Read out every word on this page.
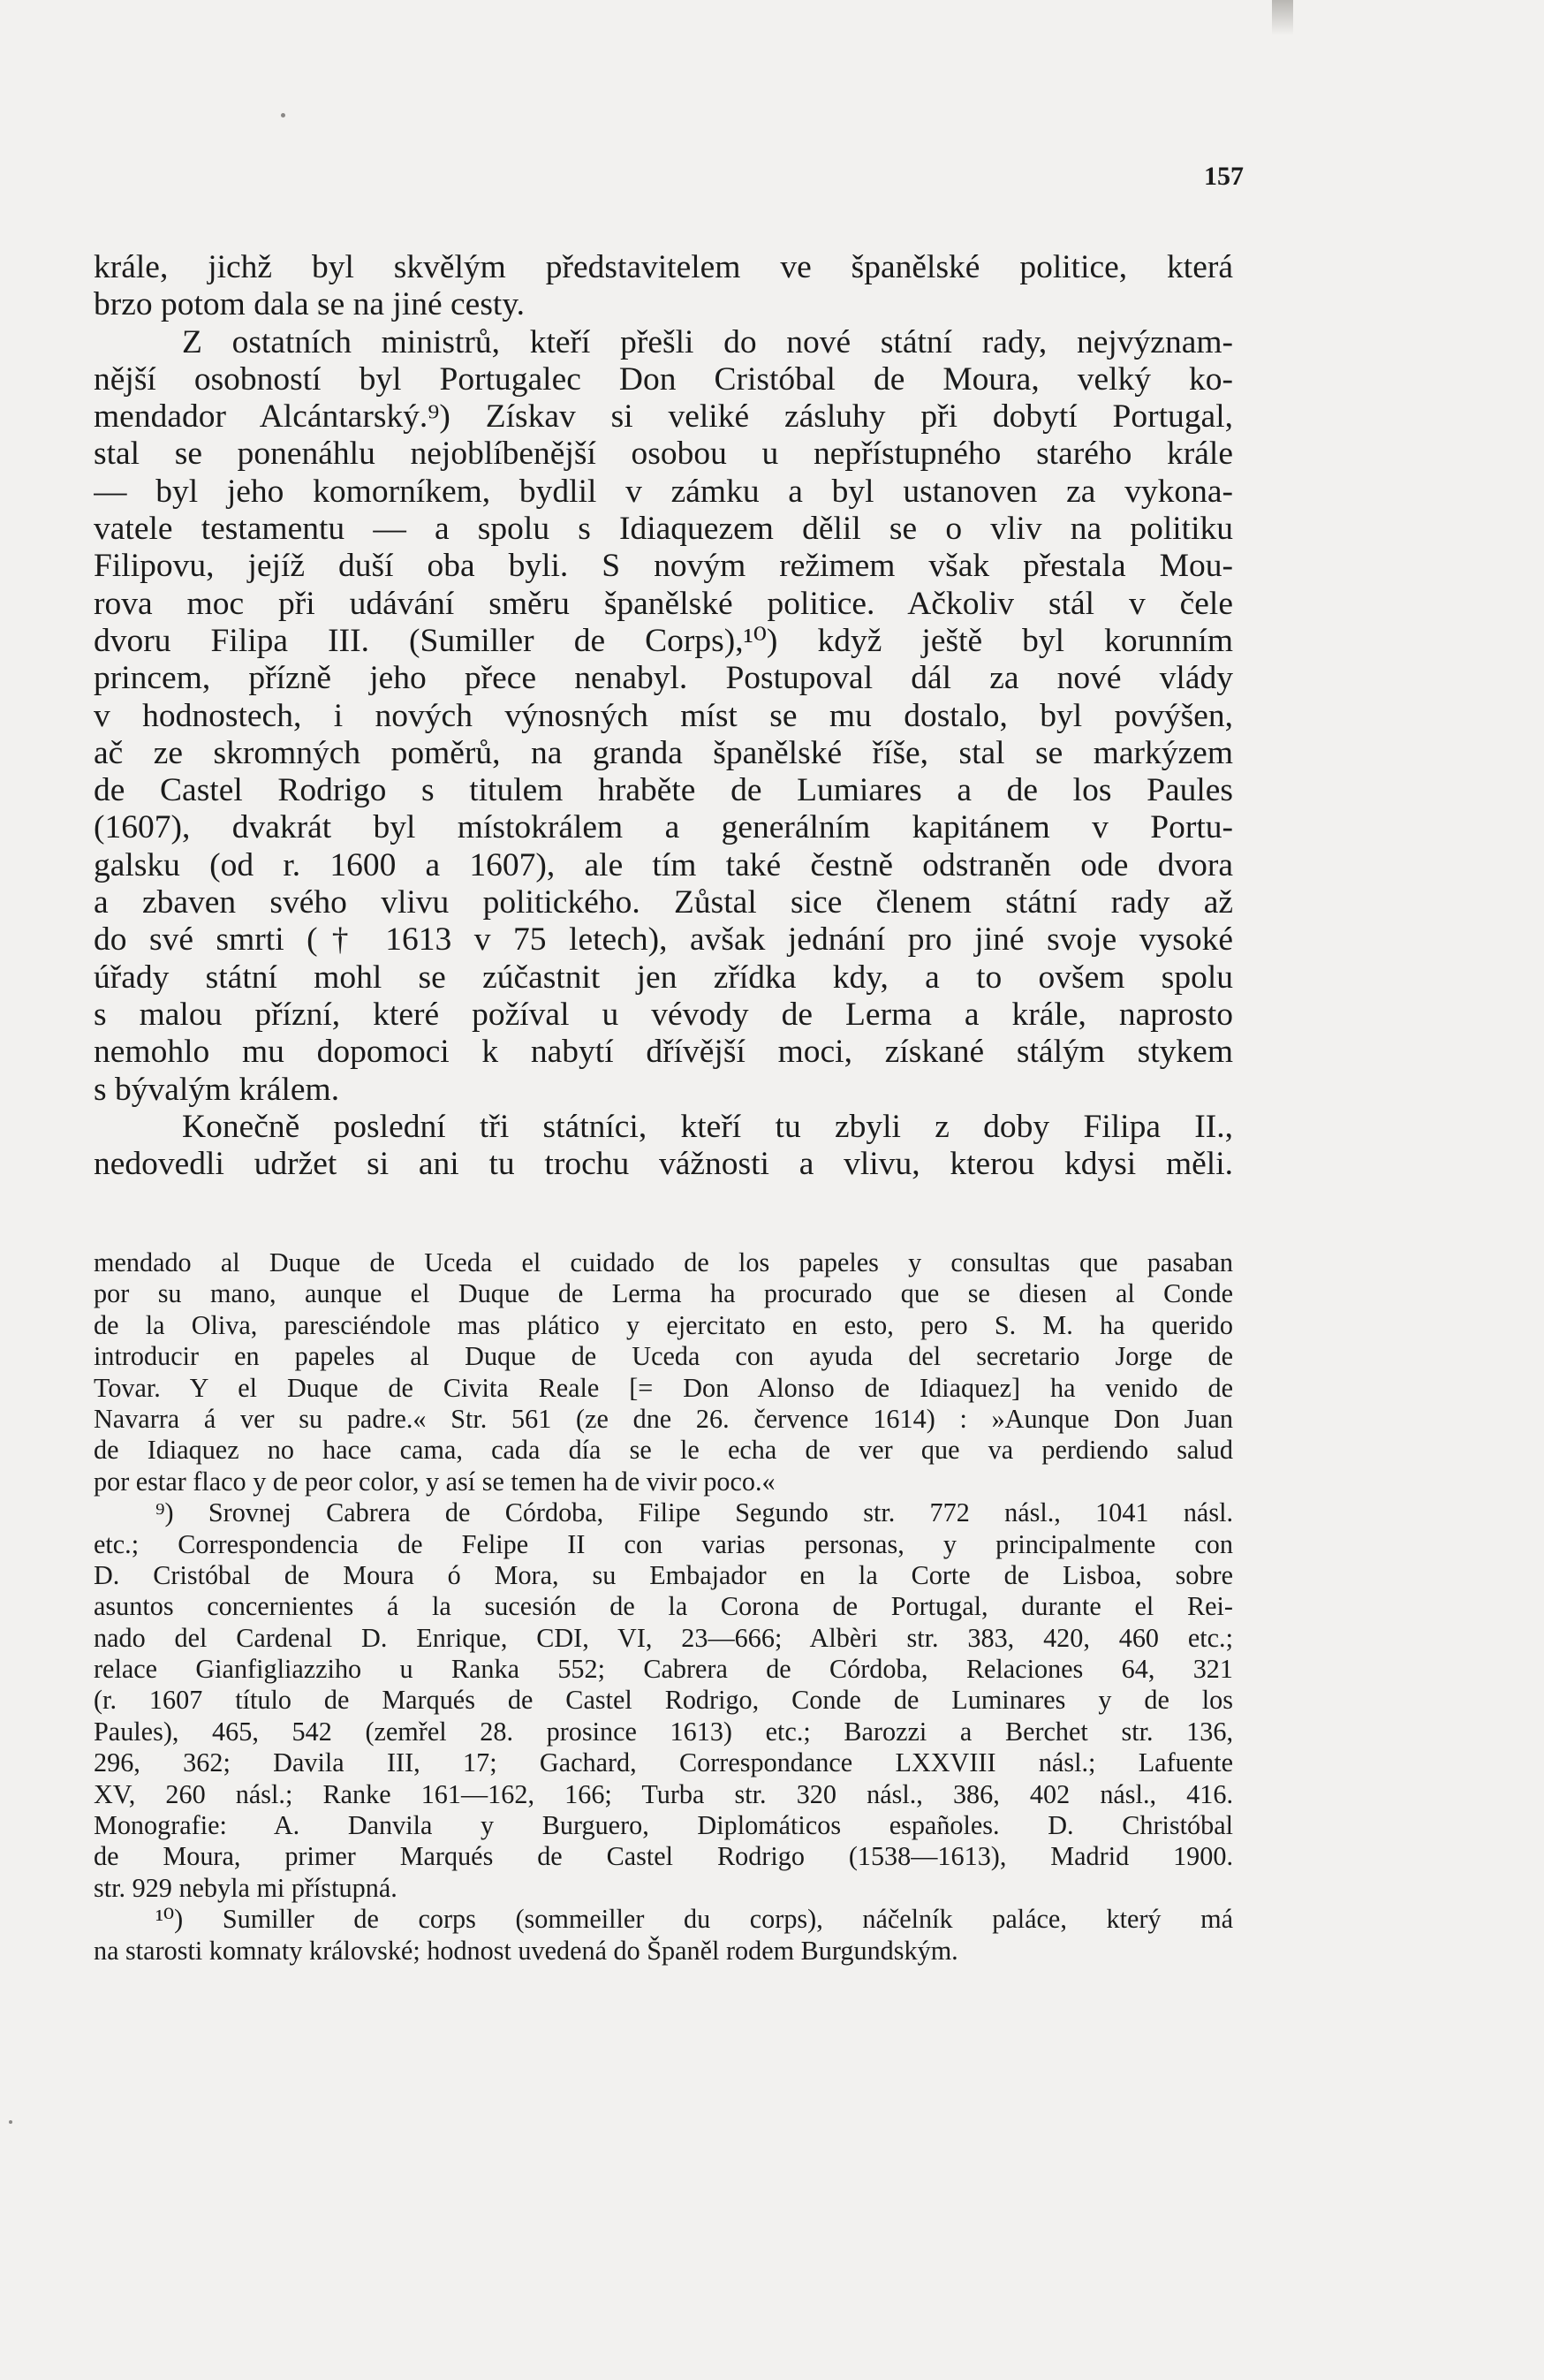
157
krále, jichž byl skvělým představitelem ve španělské politice, která
brzo potom dala se na jiné cesty.
Z ostatních ministrů, kteří přešli do nové státní rady, nejvýznam-
nější osobností byl Portugalec Don Cristóbal de Moura, velký ko-
mendador Alcántarský.⁹) Získav si veliké zásluhy při dobytí Portugal,
stal se ponenáhlu nejoblíbenější osobou u nepřístupného starého krále
— byl jeho komorníkem, bydlil v zámku a byl ustanoven za vykona-
vatele testamentu — a spolu s Idiaquezem dělil se o vliv na politiku
Filipovu, jejíž duší oba byli. S novým režimem však přestala Mou-
rova moc při udávání směru španělské politice. Ačkoliv stál v čele
dvoru Filipa III. (Sumiller de Corps),¹⁰) když ještě byl korunním
princem, přízně jeho přece nenabyl. Postupoval dál za nové vlády
v hodnostech, i nových výnosných míst se mu dostalo, byl povýšen,
ač ze skromných poměrů, na granda španělské říše, stal se markýzem
de Castel Rodrigo s titulem hraběte de Lumiares a de los Paules
(1607), dvakrát byl místokrálem a generálním kapitánem v Portu-
galsku (od r. 1600 a 1607), ale tím také čestně odstraněn ode dvora
a zbaven svého vlivu politického. Zůstal sice členem státní rady až
do své smrti († 1613 v 75 letech), avšak jednání pro jiné svoje vysoké
úřady státní mohl se zúčastnit jen zřídka kdy, a to ovšem spolu
s malou přízní, které požíval u vévody de Lerma a krále, naprosto
nemohlo mu dopomoci k nabytí dřívější moci, získané stálým stykem
s bývalým králem.
Konečně poslední tři státníci, kteří tu zbyli z doby Filipa II.,
nedovedli udržet si ani tu trochu vážnosti a vlivu, kterou kdysi měli.
mendado al Duque de Uceda el cuidado de los papeles y consultas que pasaban
por su mano, aunque el Duque de Lerma ha procurado que se diesen al Conde
de la Oliva, paresciéndole mas plático y ejercitato en esto, pero S. M. ha querido
introducir en papeles al Duque de Uceda con ayuda del secretario Jorge de
Tovar. Y el Duque de Civita Reale [= Don Alonso de Idiaquez] ha venido de
Navarra á ver su padre.« Str. 561 (ze dne 26. července 1614) : »Aunque Don Juan
de Idiaquez no hace cama, cada día se le echa de ver que va perdiendo salud
por estar flaco y de peor color, y así se temen ha de vivir poco.«
⁹) Srovnej Cabrera de Córdoba, Filipe Segundo str. 772 násl., 1041 násl.
etc.; Correspondencia de Felipe II con varias personas, y principalmente con
D. Cristóbal de Moura ó Mora, su Embajador en la Corte de Lisboa, sobre
asuntos concernientes á la sucesión de la Corona de Portugal, durante el Rei-
nado del Cardenal D. Enrique, CDI, VI, 23—666; Albèri str. 383, 420, 460 etc.;
relace Gianfigliazziho u Ranka 552; Cabrera de Córdoba, Relaciones 64, 321
(r. 1607 título de Marqués de Castel Rodrigo, Conde de Luminares y de los
Paules), 465, 542 (zemřel 28. prosince 1613) etc.; Barozzi a Berchet str. 136,
296, 362; Davila III, 17; Gachard, Correspondance LXXVIII násl.; Lafuente
XV, 260 násl.; Ranke 161—162, 166; Turba str. 320 násl., 386, 402 násl., 416.
Monografie: A. Danvila y Burguero, Diplomáticos españoles. D. Christóbal
de Moura, primer Marqués de Castel Rodrigo (1538—1613), Madrid 1900.
str. 929 nebyla mi přístupná.
¹⁰) Sumiller de corps (sommeiller du corps), náčelník paláce, který má
na starosti komnaty královské; hodnost uvedená do Španěl rodem Burgundským.
